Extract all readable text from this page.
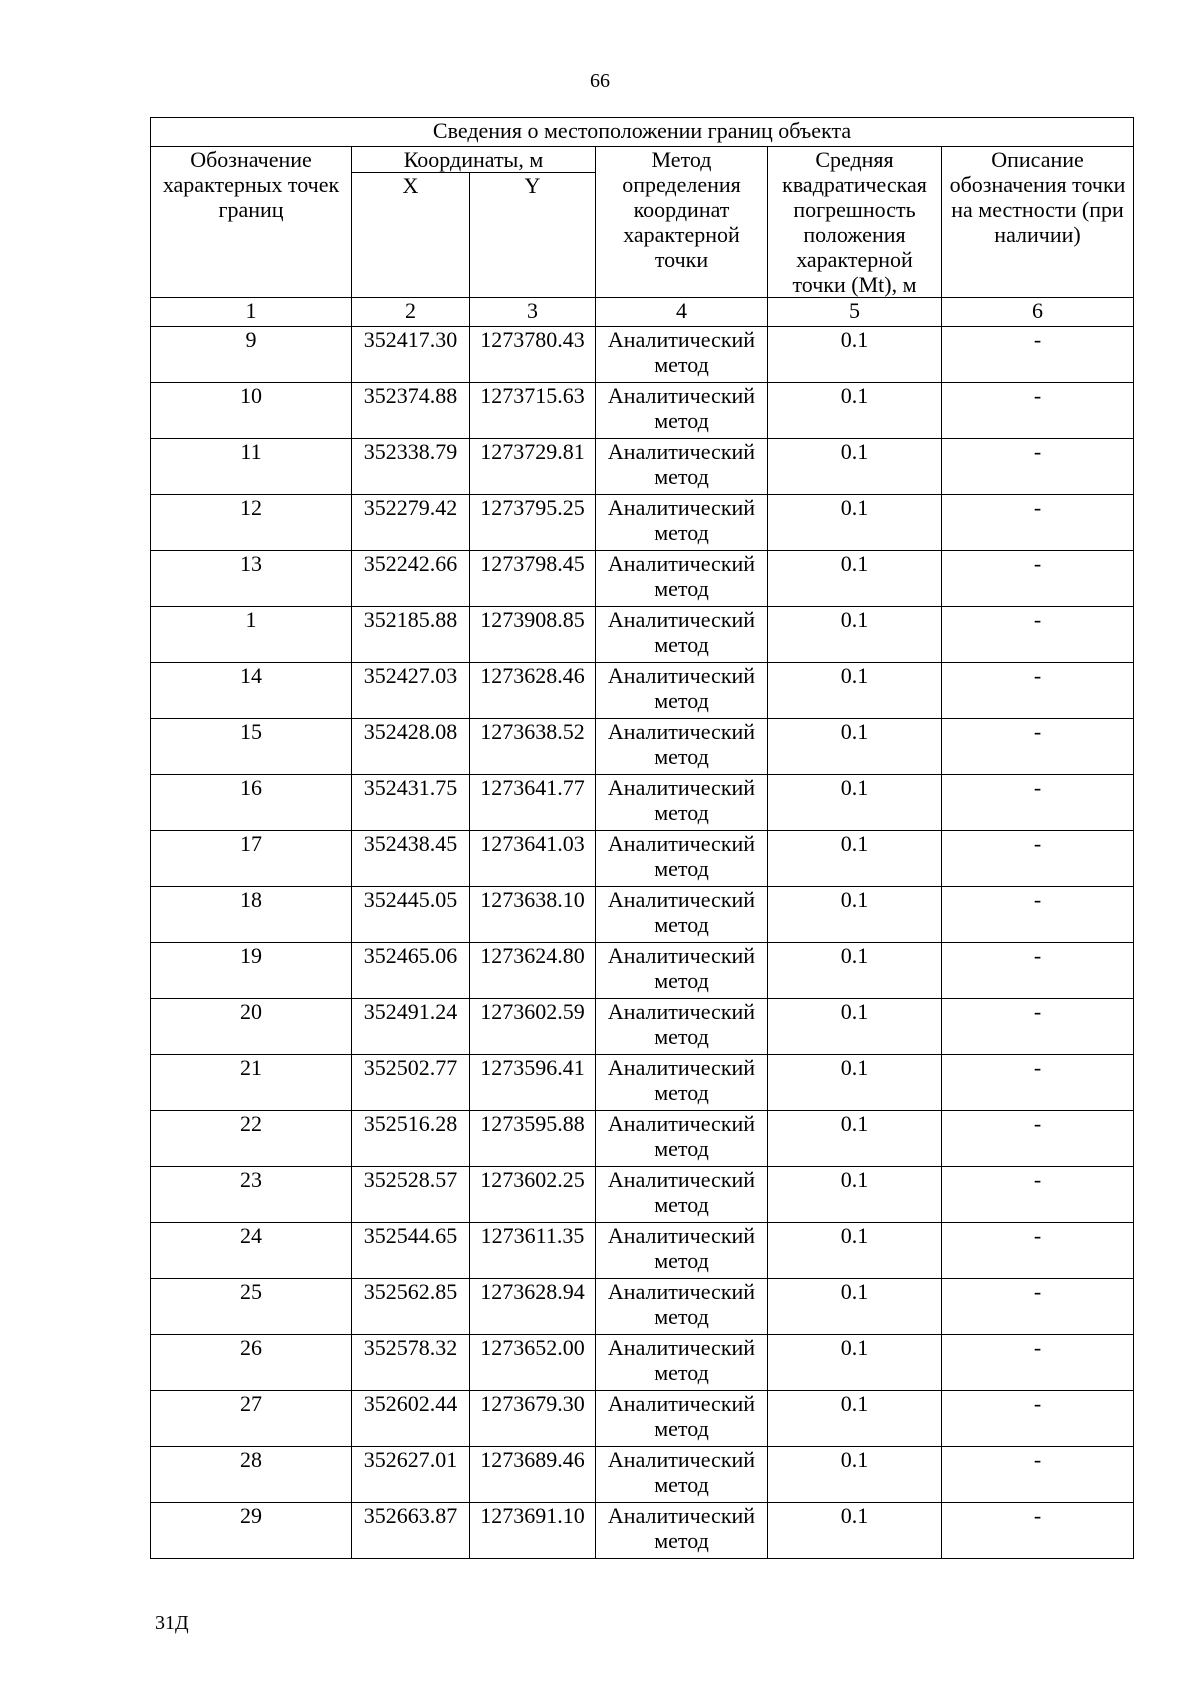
66
Сведения о местоположении границ объекта					
Обозначение характерных точек границ	Координаты, м		Метод определения координат характерной точки	Средняя квадратическая погрешность положения характерной точки (Mt), м	Описание обозначения точки на местности (при наличии)
	X	Y			
1	2	3	4	5	6
9	352417.30	1273780.43	Аналитический метод	0.1	-
10	352374.88	1273715.63	Аналитический метод	0.1	-
11	352338.79	1273729.81	Аналитический метод	0.1	-
12	352279.42	1273795.25	Аналитический метод	0.1	-
13	352242.66	1273798.45	Аналитический метод	0.1	-
1	352185.88	1273908.85	Аналитический метод	0.1	-
14	352427.03	1273628.46	Аналитический метод	0.1	-
15	352428.08	1273638.52	Аналитический метод	0.1	-
16	352431.75	1273641.77	Аналитический метод	0.1	-
17	352438.45	1273641.03	Аналитический метод	0.1	-
18	352445.05	1273638.10	Аналитический метод	0.1	-
19	352465.06	1273624.80	Аналитический метод	0.1	-
20	352491.24	1273602.59	Аналитический метод	0.1	-
21	352502.77	1273596.41	Аналитический метод	0.1	-
22	352516.28	1273595.88	Аналитический метод	0.1	-
23	352528.57	1273602.25	Аналитический метод	0.1	-
24	352544.65	1273611.35	Аналитический метод	0.1	-
25	352562.85	1273628.94	Аналитический метод	0.1	-
26	352578.32	1273652.00	Аналитический метод	0.1	-
27	352602.44	1273679.30	Аналитический метод	0.1	-
28	352627.01	1273689.46	Аналитический метод	0.1	-
29	352663.87	1273691.10	Аналитический метод	0.1	-
31Д
